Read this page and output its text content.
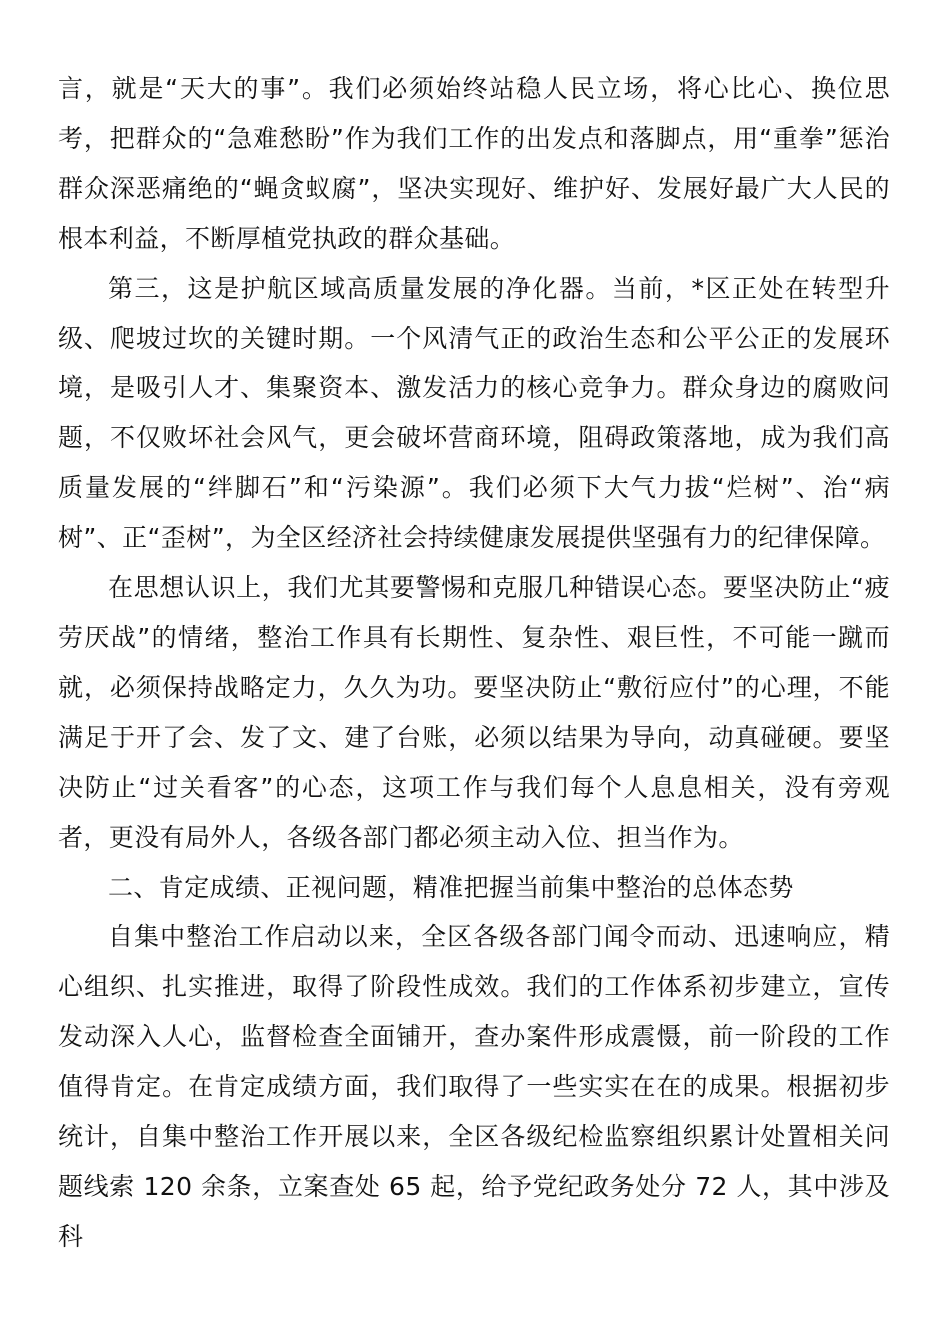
言，就是“天大的事”。我们必须始终站稳人民立场，将心比心、换位思考，把群众的“急难愁盼”作为我们工作的出发点和落脚点，用“重拳”惩治群众深恶痛绝的“蝇贪蚁腐”，坚决实现好、维护好、发展好最广大人民的根本利益，不断厚植党执政的群众基础。

第三，这是护航区域高质量发展的净化器。当前，*区正处在转型升级、爬坡过坎的关键时期。一个风清气正的政治生态和公平公正的发展环境，是吸引人才、集聚资本、激发活力的核心竞争力。群众身边的腐败问题，不仅败坏社会风气，更会破坏营商环境，阻碍政策落地，成为我们高质量发展的“绊脚石”和“污染源”。我们必须下大气力拔“烂树”、治“病树”、正“歪树”，为全区经济社会持续健康发展提供坚强有力的纪律保障。

在思想认识上，我们尤其要警惕和克服几种错误心态。要坚决防止“疲劳厌战”的情绪，整治工作具有长期性、复杂性、艰巨性，不可能一蹴而就，必须保持战略定力，久久为功。要坚决防止“敷衍应付”的心理，不能满足于开了会、发了文、建了台账，必须以结果为导向，动真碰硬。要坚决防止“过关看客”的心态，这项工作与我们每个人息息相关，没有旁观者，更没有局外人，各级各部门都必须主动入位、担当作为。

二、肯定成绩、正视问题，精准把握当前集中整治的总体态势

自集中整治工作启动以来，全区各级各部门闻令而动、迅速响应，精心组织、扎实推进，取得了阶段性成效。我们的工作体系初步建立，宣传发动深入人心，监督检查全面铺开，查办案件形成震慑，前一阶段的工作值得肯定。在肯定成绩方面，我们取得了一些实实在在的成果。根据初步统计，自集中整治工作开展以来，全区各级纪检监察组织累计处置相关问题线索 120 余条，立案查处 65 起，给予党纪政务处分 72 人，其中涉及科
